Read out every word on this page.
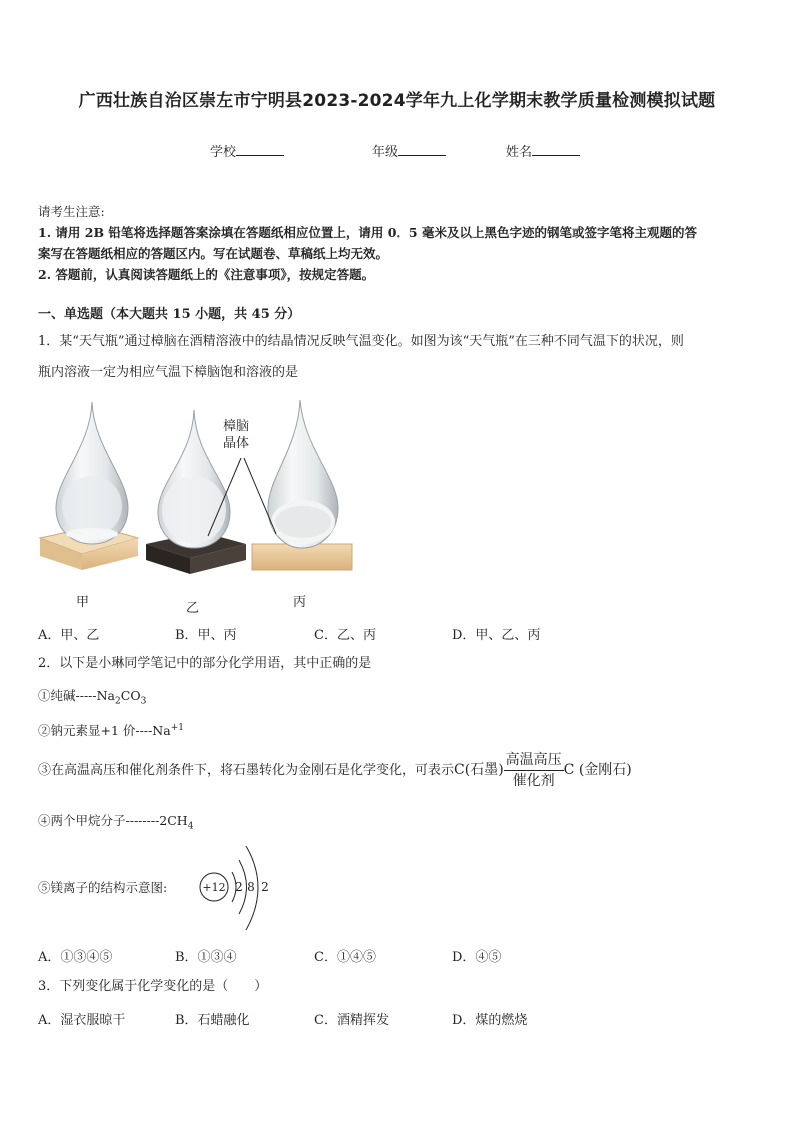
广西壮族自治区崇左市宁明县2023-2024学年九上化学期末教学质量检测模拟试题
学校	年级	姓名
请考生注意:
1. 请用 2B 铅笔将选择题答案涂填在答题纸相应位置上，请用 0．5 毫米及以上黑色字迹的钢笔或签字笔将主观题的答
案写在答题纸相应的答题区内。写在试题卷、草稿纸上均无效。
2. 答题前，认真阅读答题纸上的《注意事项》，按规定答题。
一、单选题（本大题共 15 小题，共 45 分）
1．某“天气瓶”通过樟脑在酒精溶液中的结晶情况反映气温变化。如图为该“天气瓶”在三种不同气温下的状况，则
瓶内溶液一定为相应气温下樟脑饱和溶液的是
樟脑
晶体
甲	乙	丙
A．甲、乙	B．甲、丙	C．乙、丙	D．甲、乙、丙
2．以下是小琳同学笔记中的部分化学用语，其中正确的是
①纯碱$-----Na_2CO_3$
②钠元素显+1 价$----Na^{+1}$
③在高温高压和催化剂条件下，将石墨转化为金刚石是化学变化，可表示C(石墨) $\frac{\text{高温高压}}{\text{催化剂}}$ C (金刚石)
④两个甲烷分子$--------2CH_4$
⑤镁离子的结构示意图:	+12 2 8 2
A．①③④⑤	B．①③④	C．①④⑤	D．④⑤
3．下列变化属于化学变化的是（　　）
A．湿衣服晾干	B．石蜡融化	C．酒精挥发	D．煤的燃烧
